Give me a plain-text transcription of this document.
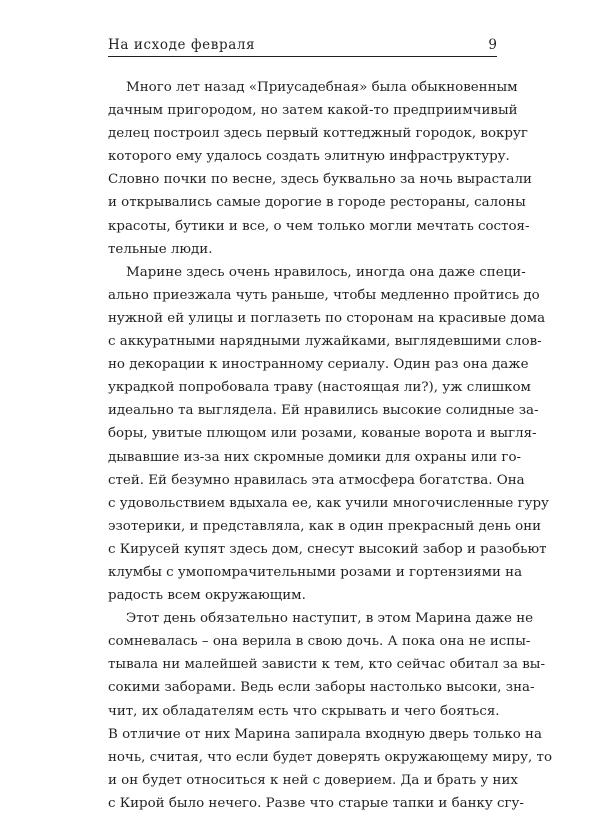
На исходе февраля	9
Много лет назад «Приусадебная» была обыкновенным
дачным пригородом, но затем какой-то предприимчивый
делец построил здесь первый коттеджный городок, вокруг
которого ему удалось создать элитную инфраструктуру.
Словно почки по весне, здесь буквально за ночь вырастали
и открывались самые дорогие в городе рестораны, салоны
красоты, бутики и все, о чем только могли мечтать состоя-
тельные люди.
Марине здесь очень нравилось, иногда она даже специ-
ально приезжала чуть раньше, чтобы медленно пройтись до
нужной ей улицы и поглазеть по сторонам на красивые дома
с аккуратными нарядными лужайками, выглядевшими слов-
но декорации к иностранному сериалу. Один раз она даже
украдкой попробовала траву (настоящая ли?), уж слишком
идеально та выглядела. Ей нравились высокие солидные за-
боры, увитые плющом или розами, кованые ворота и выгля-
дывавшие из-за них скромные домики для охраны или го-
стей. Ей безумно нравилась эта атмосфера богатства. Она
с удовольствием вдыхала ее, как учили многочисленные гуру
эзотерики, и представляла, как в один прекрасный день они
с Кирусей купят здесь дом, снесут высокий забор и разобьют
клумбы с умопомрачительными розами и гортензиями на
радость всем окружающим.
Этот день обязательно наступит, в этом Марина даже не
сомневалась – она верила в свою дочь. А пока она не испы-
тывала ни малейшей зависти к тем, кто сейчас обитал за вы-
сокими заборами. Ведь если заборы настолько высоки, зна-
чит, их обладателям есть что скрывать и чего бояться.
В отличие от них Марина запирала входную дверь только на
ночь, считая, что если будет доверять окружающему миру, то
и он будет относиться к ней с доверием. Да и брать у них
с Кирой было нечего. Разве что старые тапки и банку сгу-
